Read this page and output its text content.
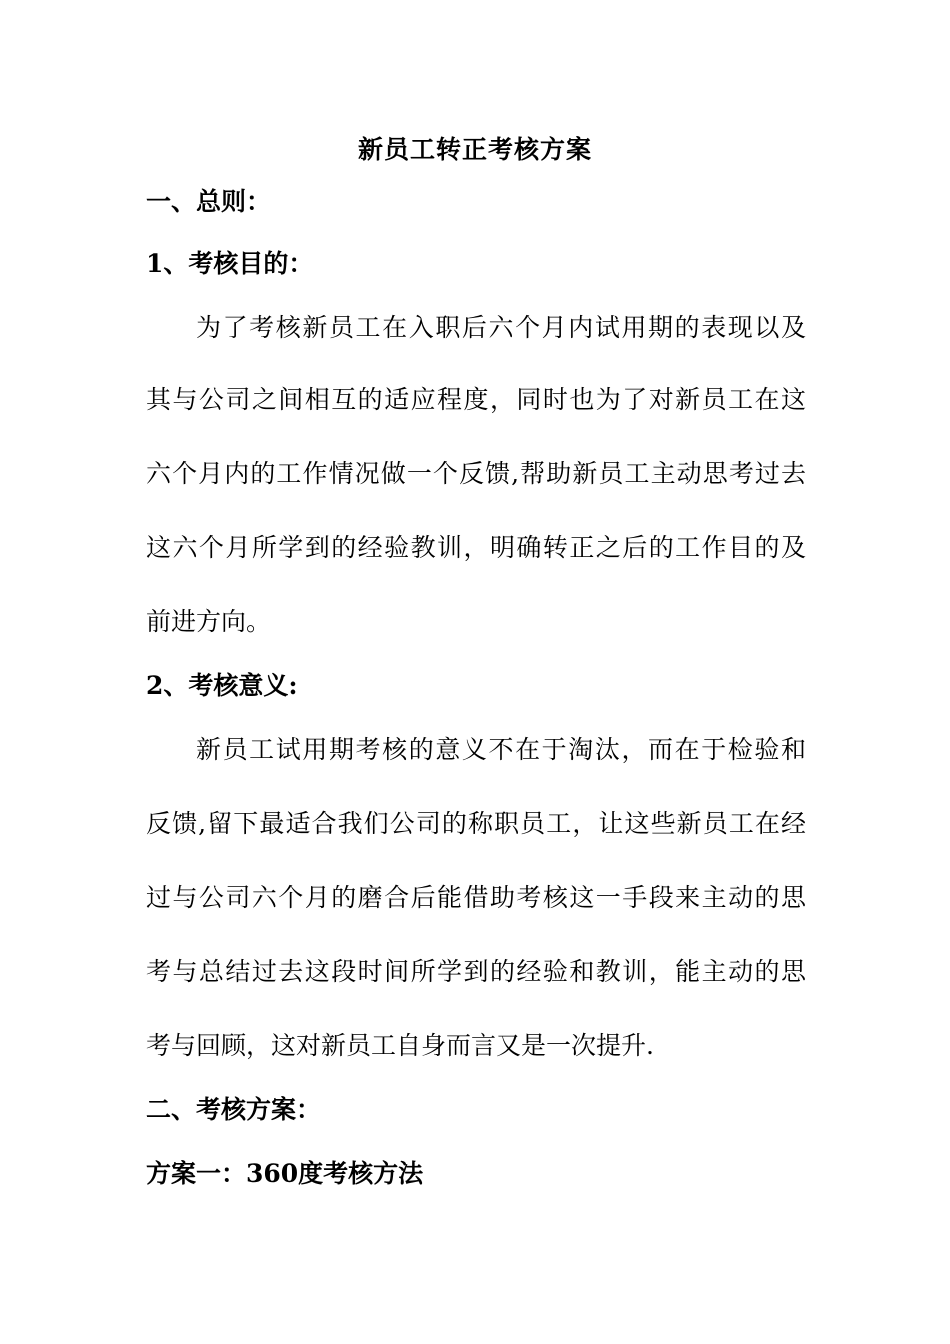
新员工转正考核方案
一、总则：
1、考核目的：
为了考核新员工在入职后六个月内试用期的表现以及
其与公司之间相互的适应程度，同时也为了对新员工在这
六个月内的工作情况做一个反馈,帮助新员工主动思考过去
这六个月所学到的经验教训，明确转正之后的工作目的及
前进方向。
2、考核意义:
新员工试用期考核的意义不在于淘汰，而在于检验和
反馈,留下最适合我们公司的称职员工，让这些新员工在经
过与公司六个月的磨合后能借助考核这一手段来主动的思
考与总结过去这段时间所学到的经验和教训，能主动的思
考与回顾，这对新员工自身而言又是一次提升.
二、考核方案：
方案一：360度考核方法
